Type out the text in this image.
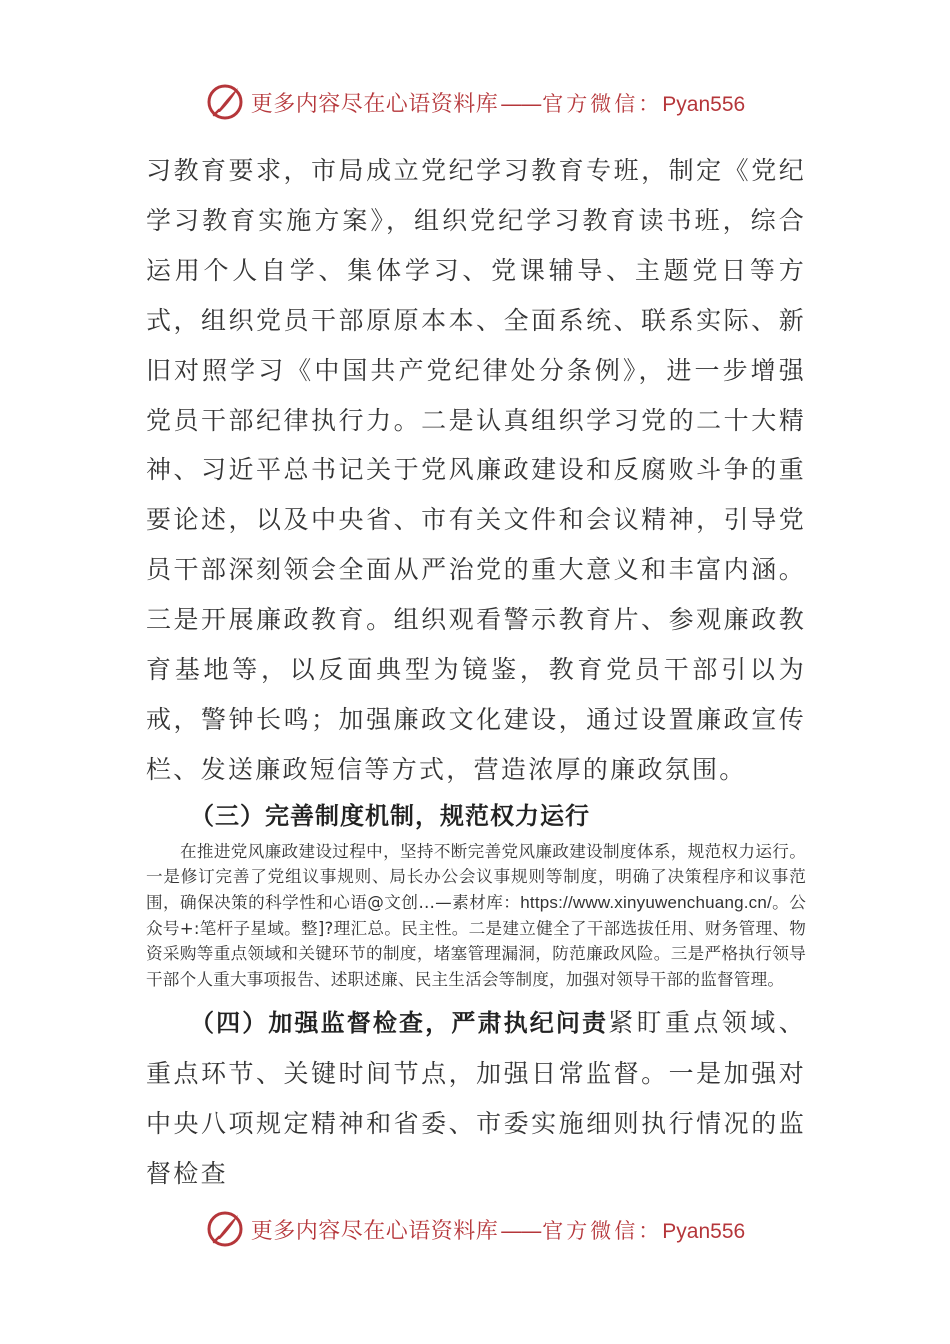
更多内容尽在心语资料库——官方微信：Pyan556

习教育要求，市局成立党纪学习教育专班，制定《党纪学习教育实施方案》，组织党纪学习教育读书班，综合运用个人自学、集体学习、党课辅导、主题党日等方式，组织党员干部原原本本、全面系统、联系实际、新旧对照学习《中国共产党纪律处分条例》，进一步增强党员干部纪律执行力。二是认真组织学习党的二十大精神、习近平总书记关于党风廉政建设和反腐败斗争的重要论述，以及中央省、市有关文件和会议精神，引导党员干部深刻领会全面从严治党的重大意义和丰富内涵。三是开展廉政教育。组织观看警示教育片、参观廉政教育基地等，以反面典型为镜鉴，教育党员干部引以为戒，警钟长鸣；加强廉政文化建设，通过设置廉政宣传栏、发送廉政短信等方式，营造浓厚的廉政氛围。

（三）完善制度机制，规范权力运行

在推进党风廉政建设过程中，坚持不断完善党风廉政建设制度体系，规范权力运行。一是修订完善了党组议事规则、局长办公会议事规则等制度，明确了决策程序和议事范围，确保决策的科学性和心语@文创…—素材库：https://www.xinyuwenchuang.cn/。公众号+:笔杆子星域。整]?理汇总。民主性。二是建立健全了干部选拔任用、财务管理、物资采购等重点领域和关键环节的制度，堵塞管理漏洞，防范廉政风险。三是严格执行领导干部个人重大事项报告、述职述廉、民主生活会等制度，加强对领导干部的监督管理。

（四）加强监督检查，严肃执纪问责紧盯重点领域、重点环节、关键时间节点，加强日常监督。一是加强对中央八项规定精神和省委、市委实施细则执行情况的监督检查

更多内容尽在心语资料库——官方微信：Pyan556
